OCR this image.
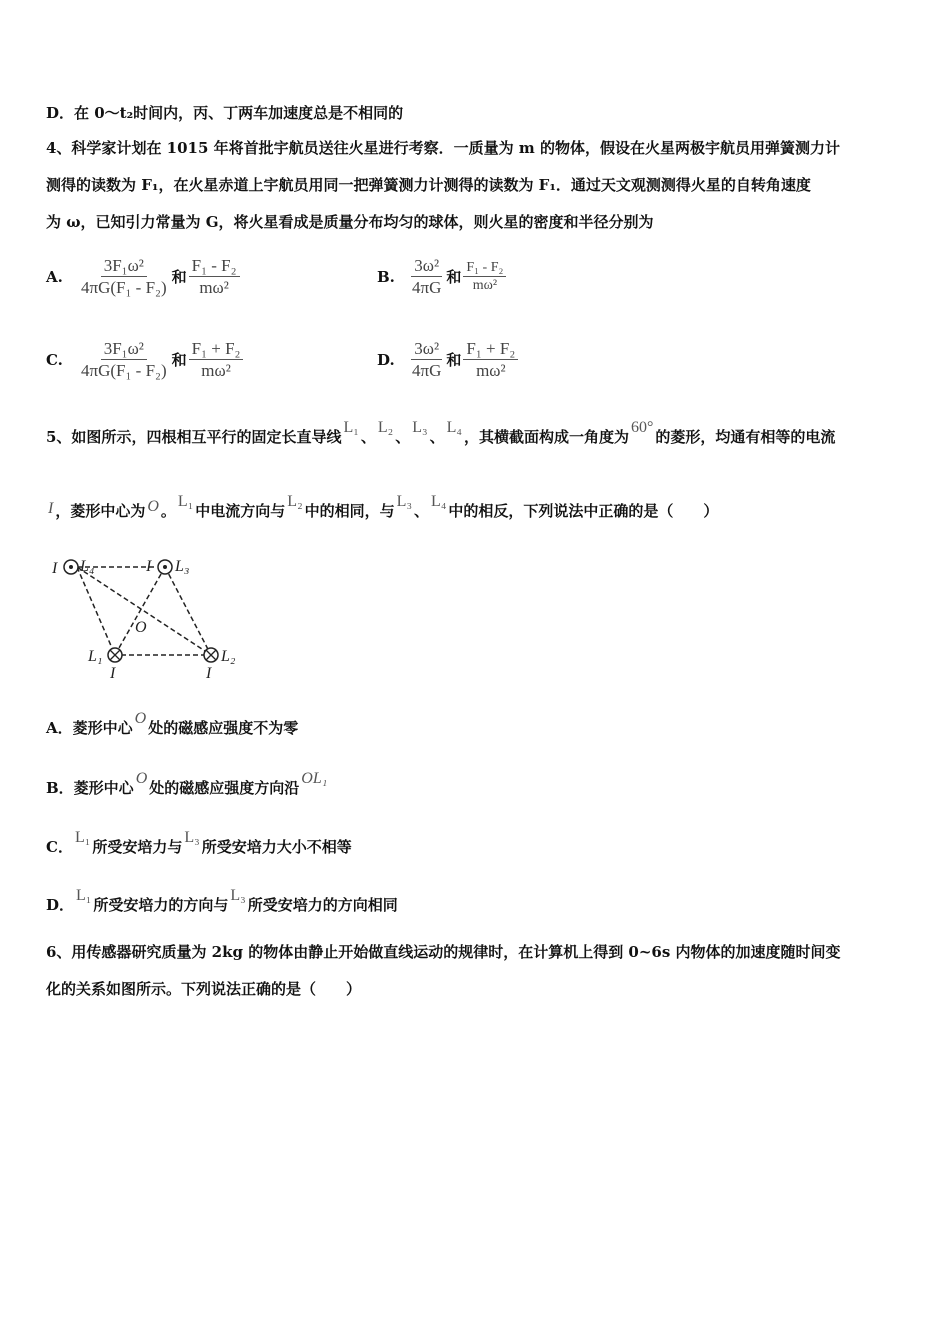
D．在 0～t₂时间内，丙、丁两车加速度总是不相同的
4、科学家计划在 1015 年将首批宇航员送往火星进行考察．一质量为 m 的物体，假设在火星两极宇航员用弹簧测力计
测得的读数为 F₁，在火星赤道上宇航员用同一把弹簧测力计测得的读数为 F₁．通过天文观测测得火星的自转角速度
为 ω，已知引力常量为 G，将火星看成是质量分布均匀的球体，则火星的密度和半径分别为
A. $\frac{\text{3F₁ω²}}{\text{4πG(F₁ - F₂)}}$ 和 $\frac{\text{F₁ - F₂}}{\text{mω²}}$	B. $\frac{\text{3ω²}}{4\pi G}$ 和 $\frac{\text{F₁ - F₂}}{\text{mω²}}$
C. $\frac{\text{3F₁ω²}}{\text{4πG(F₁ - F₂)}}$ 和 $\frac{\text{F₁ + F₂}}{\text{mω²}}$	D. $\frac{\text{3ω²}}{4\pi G}$ 和 $\frac{\text{F₁ + F₂}}{\text{mω²}}$
5、如图所示，四根相互平行的固定长直导线L₁、L₂、L₃、L₄，其横截面构成一角度为60°的菱形，均通有相等的电流
I ，菱形中心为 O 。L₁中电流方向与L₂中的相同，与L₃、L₄中的相反，下列说法中正确的是（　　）
I L₄	I L₃
O
L₁	L₂
I	I
A．菱形中心O处的磁感应强度不为零
B．菱形中心O处的磁感应强度方向沿OL₁
C．L₁所受安培力与L₃所受安培力大小不相等
D．L₁所受安培力的方向与L₃所受安培力的方向相同
6、用传感器研究质量为 2kg 的物体由静止开始做直线运动的规律时，在计算机上得到 0~6s 内物体的加速度随时间变
化的关系如图所示。下列说法正确的是（　　）
